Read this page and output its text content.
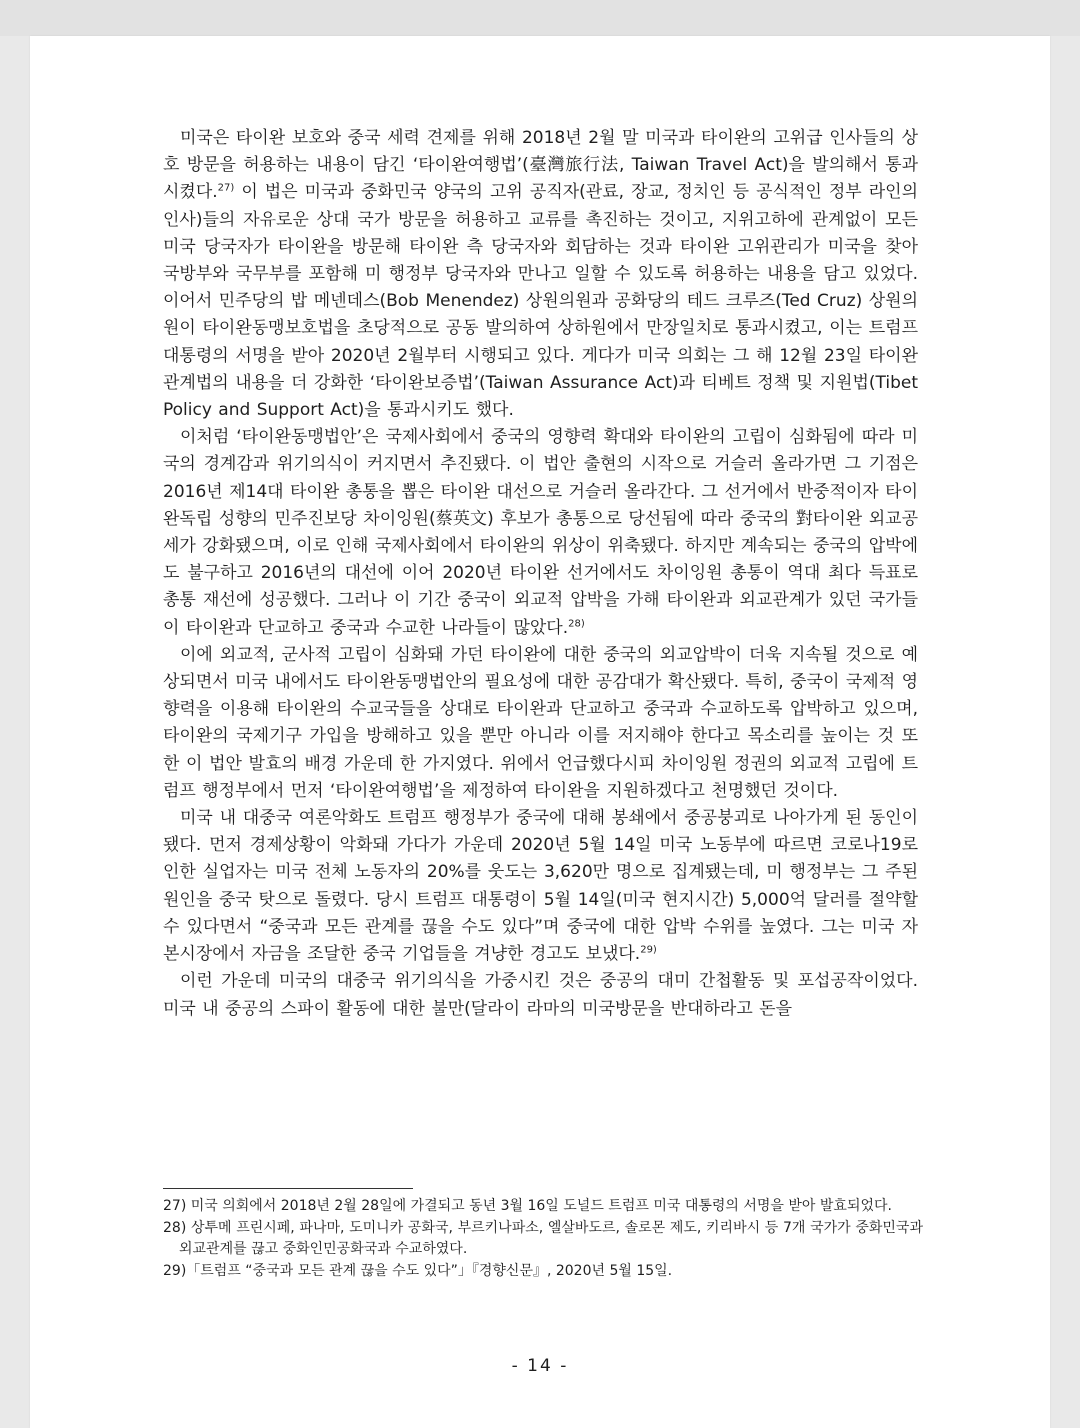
미국은 타이완 보호와 중국 세력 견제를 위해 2018년 2월 말 미국과 타이완의 고위급 인사들의 상호 방문을 허용하는 내용이 담긴 ‘타이완여행법’(臺灣旅行法, Taiwan Travel Act)을 발의해서 통과시켰다.$^{27)}$ 이 법은 미국과 중화민국 양국의 고위 공직자(관료, 장교, 정치인 등 공식적인 정부 라인의 인사)들의 자유로운 상대 국가 방문을 허용하고 교류를 촉진하는 것이고, 지위고하에 관계없이 모든 미국 당국자가 타이완을 방문해 타이완 측 당국자와 회담하는 것과 타이완 고위관리가 미국을 찾아 국방부와 국무부를 포함해 미 행정부 당국자와 만나고 일할 수 있도록 허용하는 내용을 담고 있었다. 이어서 민주당의 밥 메넨데스(Bob Menendez) 상원의원과 공화당의 테드 크루즈(Ted Cruz) 상원의원이 타이완동맹보호법을 초당적으로 공동 발의하여 상하원에서 만장일치로 통과시켰고, 이는 트럼프 대통령의 서명을 받아 2020년 2월부터 시행되고 있다. 게다가 미국 의회는 그 해 12월 23일 타이완관계법의 내용을 더 강화한 ‘타이완보증법’(Taiwan Assurance Act)과 티베트 정책 및 지원법(Tibet Policy and Support Act)을 통과시키도 했다.

이처럼 ‘타이완동맹법안’은 국제사회에서 중국의 영향력 확대와 타이완의 고립이 심화됨에 따라 미국의 경계감과 위기의식이 커지면서 추진됐다. 이 법안 출현의 시작으로 거슬러 올라가면 그 기점은 2016년 제14대 타이완 총통을 뽑은 타이완 대선으로 거슬러 올라간다. 그 선거에서 반중적이자 타이완독립 성향의 민주진보당 차이잉원(蔡英文) 후보가 총통으로 당선됨에 따라 중국의 對타이완 외교공세가 강화됐으며, 이로 인해 국제사회에서 타이완의 위상이 위축됐다. 하지만 계속되는 중국의 압박에도 불구하고 2016년의 대선에 이어 2020년 타이완 선거에서도 차이잉원 총통이 역대 최다 득표로 총통 재선에 성공했다. 그러나 이 기간 중국이 외교적 압박을 가해 타이완과 외교관계가 있던 국가들이 타이완과 단교하고 중국과 수교한 나라들이 많았다.$^{28)}$

이에 외교적, 군사적 고립이 심화돼 가던 타이완에 대한 중국의 외교압박이 더욱 지속될 것으로 예상되면서 미국 내에서도 타이완동맹법안의 필요성에 대한 공감대가 확산됐다. 특히, 중국이 국제적 영향력을 이용해 타이완의 수교국들을 상대로 타이완과 단교하고 중국과 수교하도록 압박하고 있으며, 타이완의 국제기구 가입을 방해하고 있을 뿐만 아니라 이를 저지해야 한다고 목소리를 높이는 것 또한 이 법안 발효의 배경 가운데 한 가지였다. 위에서 언급했다시피 차이잉원 정권의 외교적 고립에 트럼프 행정부에서 먼저 ‘타이완여행법’을 제정하여 타이완을 지원하겠다고 천명했던 것이다.

미국 내 대중국 여론악화도 트럼프 행정부가 중국에 대해 봉쇄에서 중공붕괴로 나아가게 된 동인이 됐다. 먼저 경제상황이 악화돼 가다가 가운데 2020년 5월 14일 미국 노동부에 따르면 코로나19로 인한 실업자는 미국 전체 노동자의 20%를 웃도는 3,620만 명으로 집계됐는데, 미 행정부는 그 주된 원인을 중국 탓으로 돌렸다. 당시 트럼프 대통령이 5월 14일(미국 현지시간) 5,000억 달러를 절약할 수 있다면서 “중국과 모든 관계를 끊을 수도 있다”며 중국에 대한 압박 수위를 높였다. 그는 미국 자본시장에서 자금을 조달한 중국 기업들을 겨냥한 경고도 보냈다.$^{29)}$

이런 가운데 미국의 대중국 위기의식을 가중시킨 것은 중공의 대미 간첩활동 및 포섭공작이었다. 미국 내 중공의 스파이 활동에 대한 불만(달라이 라마의 미국방문을 반대하라고 돈을

27) 미국 의회에서 2018년 2월 28일에 가결되고 동년 3월 16일 도널드 트럼프 미국 대통령의 서명을 받아 발효되었다.

28) 상투메 프린시페, 파나마, 도미니카 공화국, 부르키나파소, 엘살바도르, 솔로몬 제도, 키리바시 등 7개 국가가 중화민국과 외교관계를 끊고 중화인민공화국과 수교하였다.

29)「트럼프 “중국과 모든 관계 끊을 수도 있다”」『경향신문』, 2020년 5월 15일.

- 14 -
